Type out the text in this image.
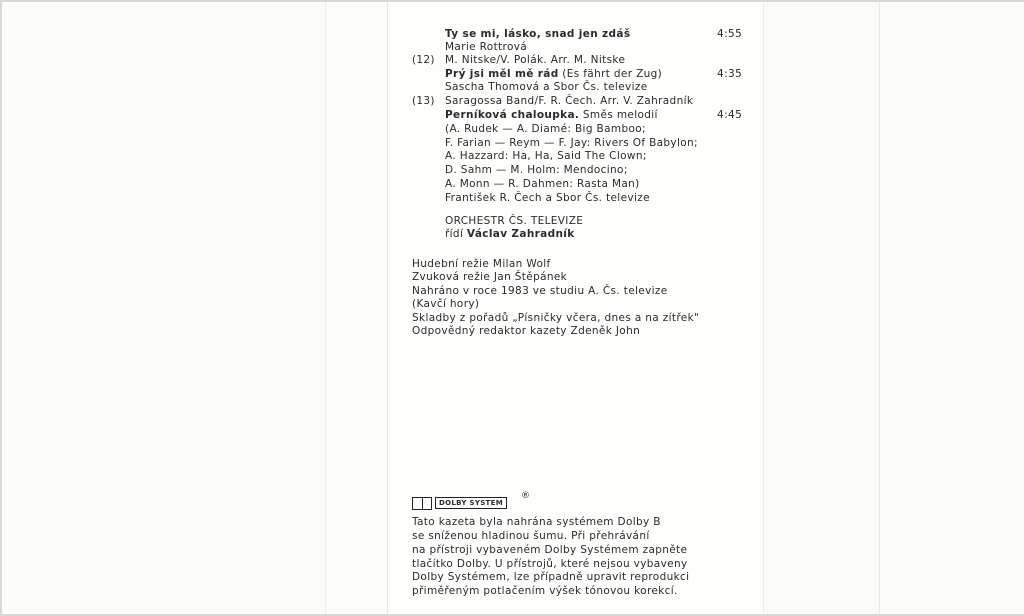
Ty se mi, lásko, snad jen zdáš	4:55
Marie Rottrová
(12) M. Nitske/V. Polák. Arr. M. Nitske
Prý jsi měl mě rád (Es fährt der Zug)	4:35
Sascha Thomová a Sbor Čs. televize
(13) Saragossa Band/F. R. Čech. Arr. V. Zahradník
Perníková chaloupka. Směs melodií	4:45
(A. Rudek — A. Diamé: Big Bamboo;
F. Farian — Reym — F. Jay: Rivers Of Babylon;
A. Hazzard: Ha, Ha, Said The Clown;
D. Sahm — M. Holm: Mendocino;
A. Monn — R. Dahmen: Rasta Man)
František R. Čech a Sbor Čs. televize
ORCHESTR ČS. TELEVIZE
řídí Václav Zahradník
Hudební režie Milan Wolf
Zvuková režie Jan Štěpánek
Nahráno v roce 1983 ve studiu A. Čs. televize
(Kavčí hory)
Skladby z pořadů „Písničky včera, dnes a na zítřek"
Odpovědný redaktor kazety Zdeněk John
DOLBY SYSTEM
®
Tato kazeta byla nahrána systémem Dolby B
se sníženou hladinou šumu. Při přehrávání
na přístroji vybaveném Dolby Systémem zapněte
tlačítko Dolby. U přístrojů, které nejsou vybaveny
Dolby Systémem, lze případně upravit reprodukci
přiměřeným potlačením výšek tónovou korekcí.
